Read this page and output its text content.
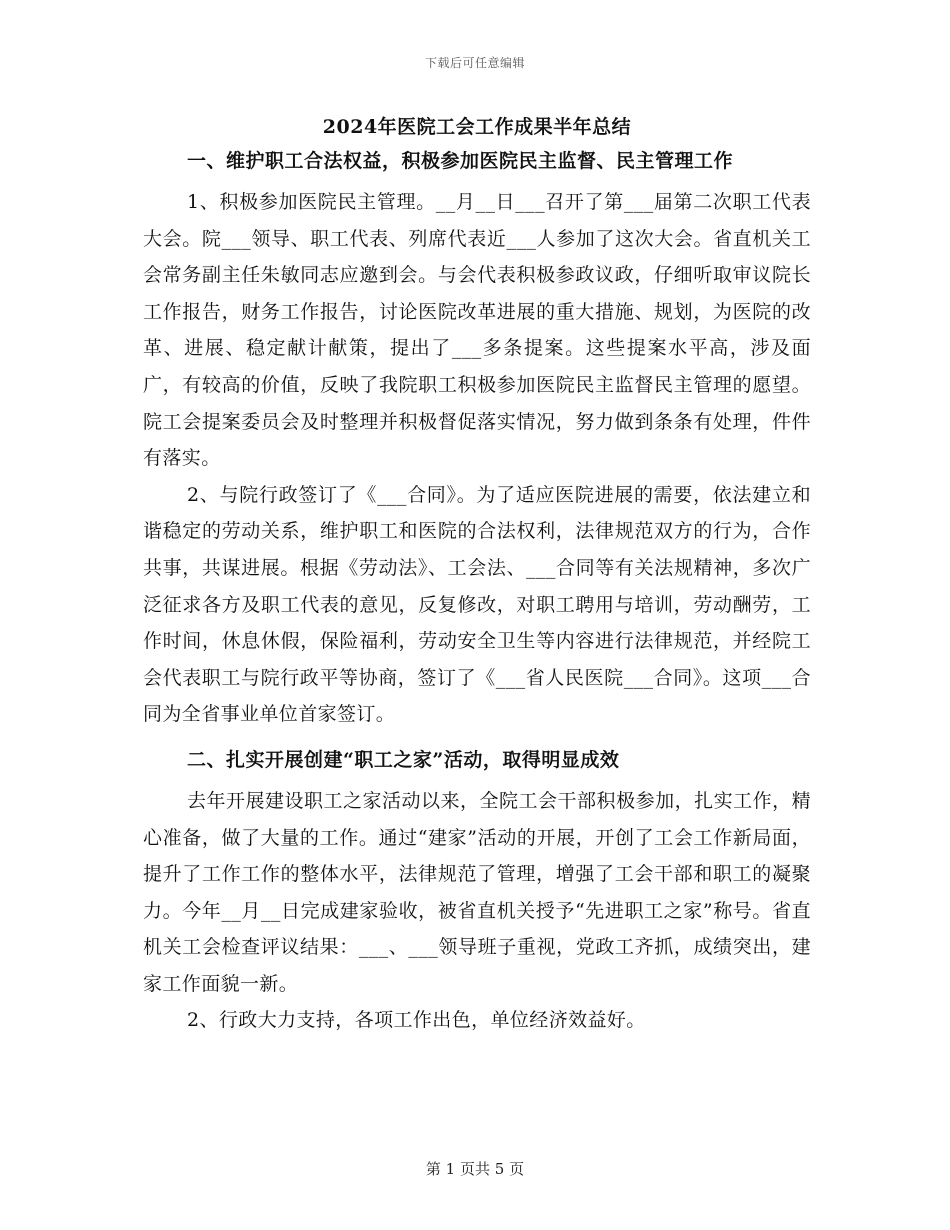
下载后可任意编辑
2024年医院工会工作成果半年总结
一、维护职工合法权益，积极参加医院民主监督、民主管理工作

1、积极参加医院民主管理。__月__日___召开了第___届第二次职工代表大会。院___领导、职工代表、列席代表近___人参加了这次大会。省直机关工会常务副主任朱敏同志应邀到会。与会代表积极参政议政，仔细听取审议院长工作报告，财务工作报告，讨论医院改革进展的重大措施、规划，为医院的改革、进展、稳定献计献策，提出了___多条提案。这些提案水平高，涉及面广，有较高的价值，反映了我院职工积极参加医院民主监督民主管理的愿望。院工会提案委员会及时整理并积极督促落实情况，努力做到条条有处理，件件有落实。

2、与院行政签订了《___合同》。为了适应医院进展的需要，依法建立和谐稳定的劳动关系，维护职工和医院的合法权利，法律规范双方的行为，合作共事，共谋进展。根据《劳动法》、工会法、___合同等有关法规精神，多次广泛征求各方及职工代表的意见，反复修改，对职工聘用与培训，劳动酬劳，工作时间，休息休假，保险福利，劳动安全卫生等内容进行法律规范，并经院工会代表职工与院行政平等协商，签订了《___省人民医院___合同》。这项___合同为全省事业单位首家签订。

二、扎实开展创建“职工之家”活动，取得明显成效

去年开展建设职工之家活动以来，全院工会干部积极参加，扎实工作，精心准备，做了大量的工作。通过“建家”活动的开展，开创了工会工作新局面，提升了工作工作的整体水平，法律规范了管理，增强了工会干部和职工的凝聚力。今年__月__日完成建家验收，被省直机关授予“先进职工之家”称号。省直机关工会检查评议结果：___、___领导班子重视，党政工齐抓，成绩突出，建家工作面貌一新。

2、行政大力支持，各项工作出色，单位经济效益好。

第 1 页共 5 页
